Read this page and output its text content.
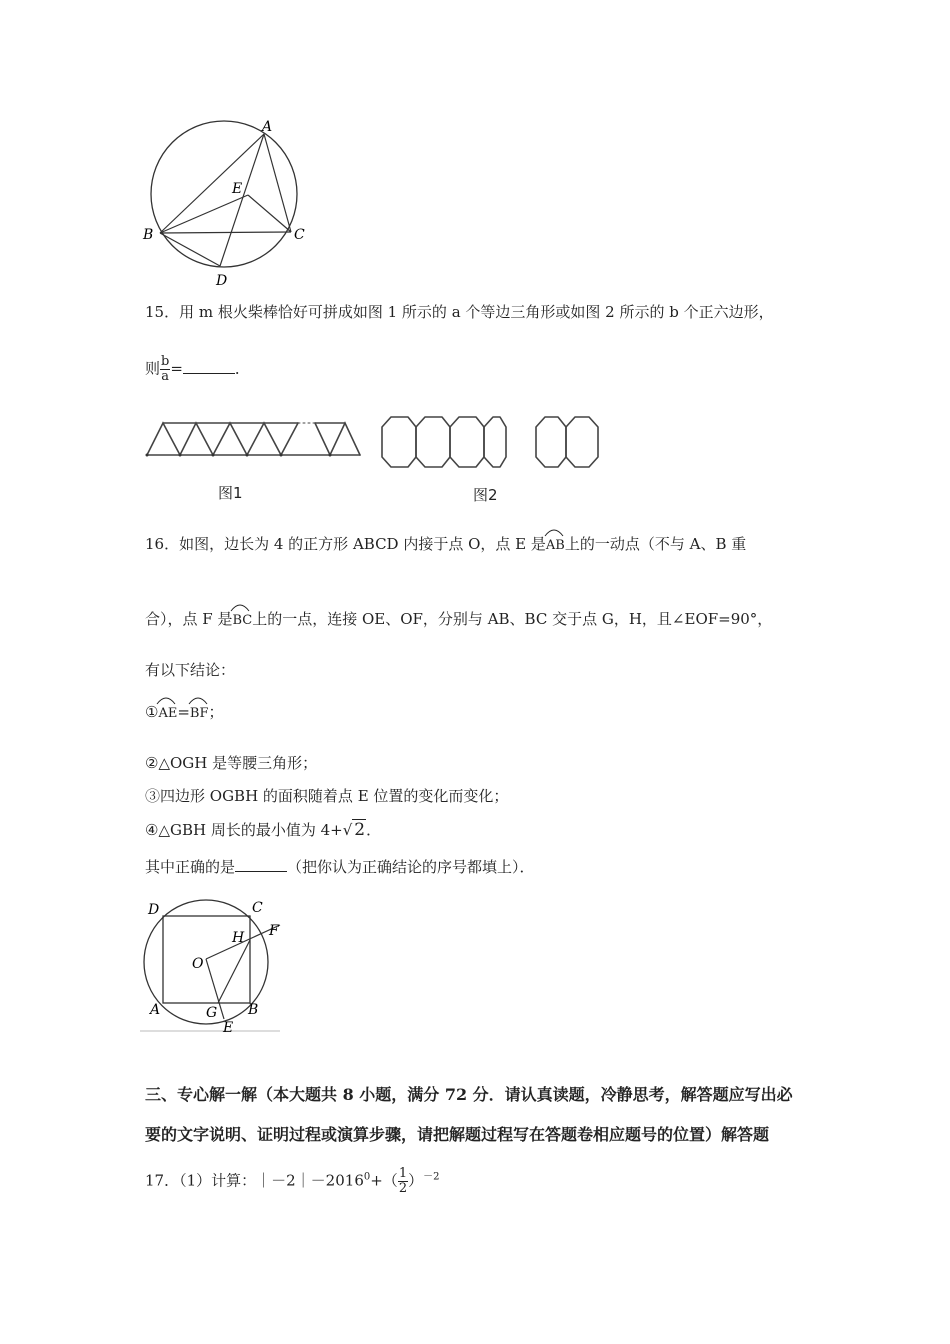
A
B	C
D
E
15．用 m 根火柴棒恰好可拼成如图 1 所示的 a 个等边三角形或如图 2 所示的 b 个正六边形，
则 $\frac{b}{a}$ =	．
图1	图2
16．如图，边长为 4 的正方形 ABCD 内接于点 O，点 E 是
AB上的一动点（不与 A、B 重
合），点 F 是
BC上的一点，连接 OE、OF，分别与 AB、BC 交于点 G，H，且∠EOF=90°，
有以下结论：
①
AE=
BF；
②△OGH 是等腰三角形；
③四边形 OGBH 的面积随着点 E 位置的变化而变化；
④△GBH 周长的最小值为 4+√ 2．
其中正确的是	（把你认为正确结论的序号都填上）．
D	C
H F
O
A	G B
E
三、专心解一解（本大题共 8 小题，满分 72 分．请认真读题，冷静思考，解答题应写出必
要的文字说明、证明过程或演算步骤，请把解题过程写在答题卷相应题号的位置）解答题
17．（1）计算：$|-2|-2016^0+( \frac{1}{2} )^{-2}$
